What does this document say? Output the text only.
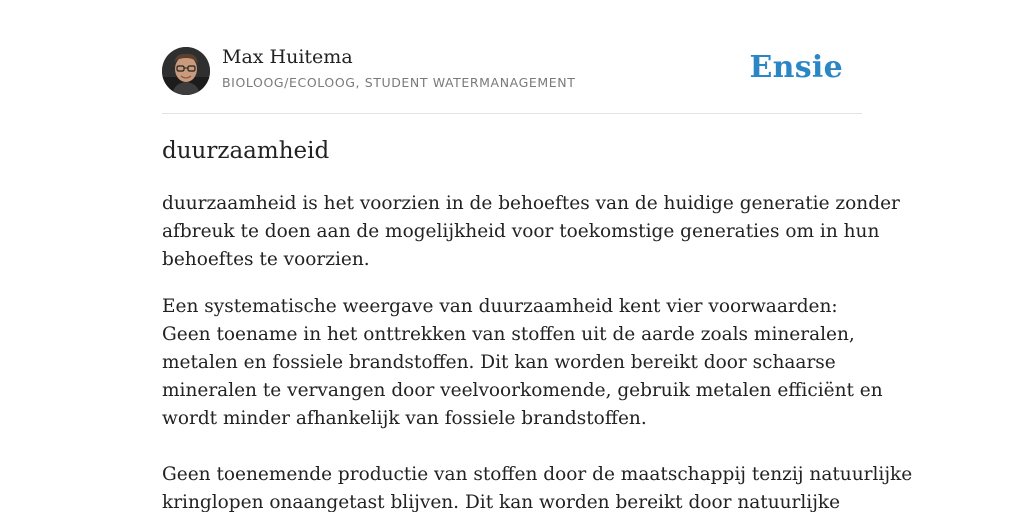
Max Huitema
BIOLOOG/ECOLOOG, STUDENT WATERMANAGEMENT	Ensie
duurzaamheid

duurzaamheid is het voorzien in de behoeftes van de huidige generatie zonder
afbreuk te doen aan de mogelijkheid voor toekomstige generaties om in hun
behoeftes te voorzien.

Een systematische weergave van duurzaamheid kent vier voorwaarden:
Geen toename in het onttrekken van stoffen uit de aarde zoals mineralen,
metalen en fossiele brandstoffen. Dit kan worden bereikt door schaarse
mineralen te vervangen door veelvoorkomende, gebruik metalen efficiënt en
wordt minder afhankelijk van fossiele brandstoffen.
Geen toenemende productie van stoffen door de maatschappij tenzij natuurlijke
kringlopen onaangetast blijven. Dit kan worden bereikt door natuurlijke
